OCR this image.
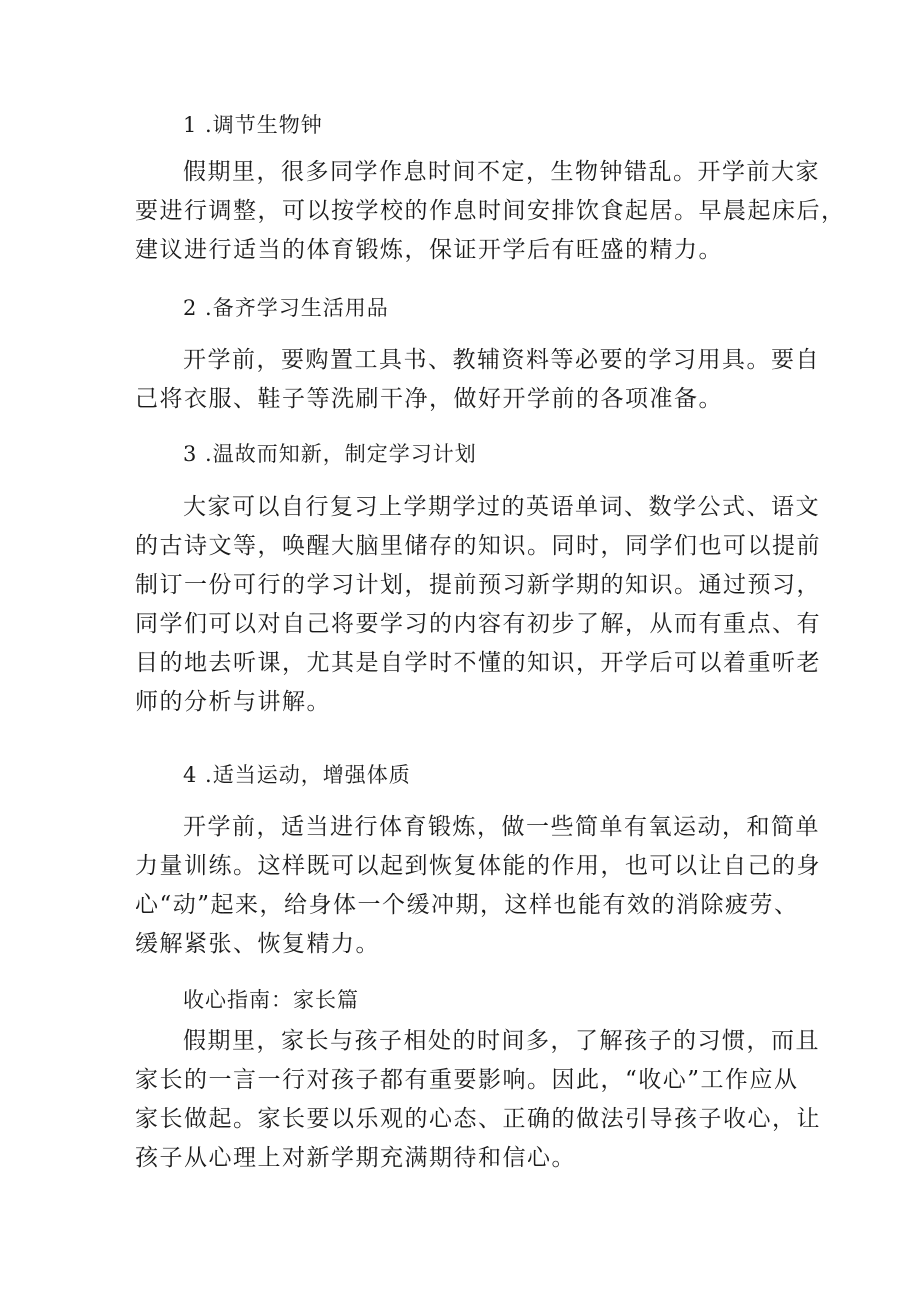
1 .调节生物钟
假期里，很多同学作息时间不定，生物钟错乱。开学前大家
要进行调整，可以按学校的作息时间安排饮食起居。早晨起床后，
建议进行适当的体育锻炼，保证开学后有旺盛的精力。
2 .备齐学习生活用品
开学前，要购置工具书、教辅资料等必要的学习用具。要自
己将衣服、鞋子等洗刷干净，做好开学前的各项准备。
3 .温故而知新，制定学习计划
大家可以自行复习上学期学过的英语单词、数学公式、语文
的古诗文等，唤醒大脑里储存的知识。同时，同学们也可以提前
制订一份可行的学习计划，提前预习新学期的知识。通过预习，
同学们可以对自己将要学习的内容有初步了解，从而有重点、有
目的地去听课，尤其是自学时不懂的知识，开学后可以着重听老
师的分析与讲解。
4 .适当运动，增强体质
开学前，适当进行体育锻炼，做一些简单有氧运动，和简单
力量训练。这样既可以起到恢复体能的作用，也可以让自己的身
心“动”起来，给身体一个缓冲期，这样也能有效的消除疲劳、
缓解紧张、恢复精力。
收心指南：家长篇
假期里，家长与孩子相处的时间多，了解孩子的习惯，而且
家长的一言一行对孩子都有重要影响。因此，“收心”工作应从
家长做起。家长要以乐观的心态、正确的做法引导孩子收心，让
孩子从心理上对新学期充满期待和信心。
